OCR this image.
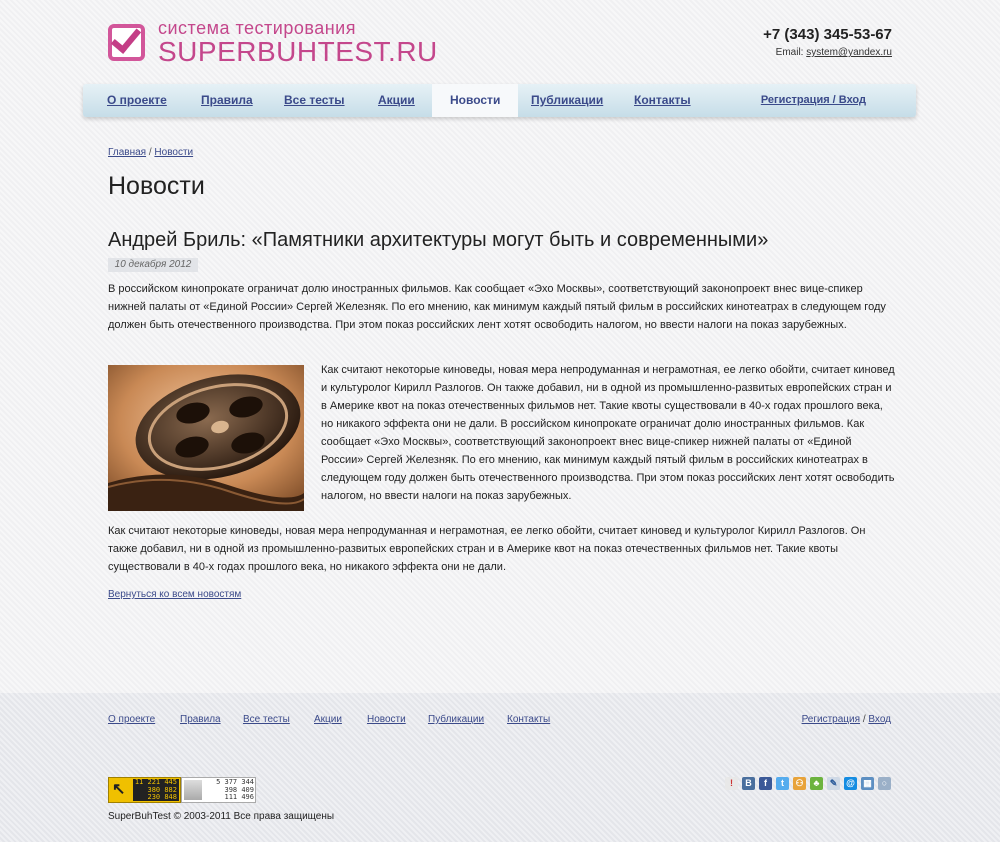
система тестирования
SUPERBUHTEST.RU
+7 (343) 345-53-67
Email: system@yandex.ru
О проекте	Правила	Все тесты	Акции	Новости	Публикации	Контакты	Регистрация / Вход
Главная / Новости
Новости
Андрей Бриль: «Памятники архитектуры могут быть и современными»
10 декабря 2012

В российском кинопрокате ограничат долю иностранных фильмов. Как сообщает «Эхо Москвы», соответствующий законопроект внес вице-спикер нижней палаты от «Единой России» Сергей Железняк. По его мнению, как минимум каждый пятый фильм в российских кинотеатрах в следующем году должен быть отечественного производства. При этом показ российских лент хотят освободить налогом, но ввести налоги на показ зарубежных.

Как считают некоторые киноведы, новая мера непродуманная и неграмотная, ее легко обойти, считает киновед и культуролог Кирилл Разлогов. Он также добавил, ни в одной из промышленно-развитых европейских стран и в Америке квот на показ отечественных фильмов нет. Такие квоты существовали в 40-х годах прошлого века, но никакого эффекта они не дали. В российском кинопрокате ограничат долю иностранных фильмов. Как сообщает «Эхо Москвы», соответствующий законопроект внес вице-спикер нижней палаты от «Единой России» Сергей Железняк. По его мнению, как минимум каждый пятый фильм в российских кинотеатрах в следующем году должен быть отечественного производства. При этом показ российских лент хотят освободить налогом, но ввести налоги на показ зарубежных.

Как считают некоторые киноведы, новая мера непродуманная и неграмотная, ее легко обойти, считает киновед и культуролог Кирилл Разлогов. Он также добавил, ни в одной из промышленно-развитых европейских стран и в Америке квот на показ отечественных фильмов нет. Такие квоты существовали в 40-х годах прошлого века, но никакого эффекта они не дали.

Вернуться ко всем новостям
О проекте Правила Все тесты Акции	Новости Публикации Контакты	Регистрация / Вход
↖	11 221 445
380 882
230 848
5 377 344
398 409
111 496
SuperBuhTest © 2003-2011 Все права защищены
!	B	f	t	⚇	♣	✎ @ ▦	○
